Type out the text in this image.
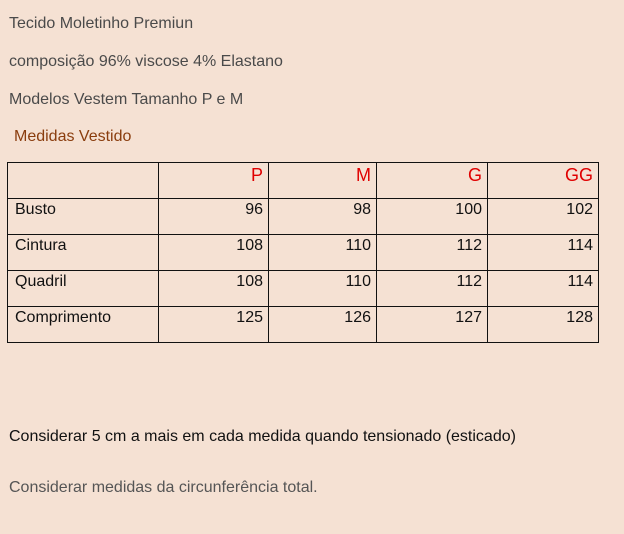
Tecido Moletinho Premiun
composição 96% viscose 4% Elastano
Modelos Vestem Tamanho P e M
Medidas Vestido
	P	M	G	GG
Busto	96	98	100	102
Cintura	108	110	112	114
Quadril	108	110	112	114
Comprimento	125	126	127	128
Considerar 5 cm a mais em cada medida quando tensionado (esticado)
Considerar medidas da circunferência total.
